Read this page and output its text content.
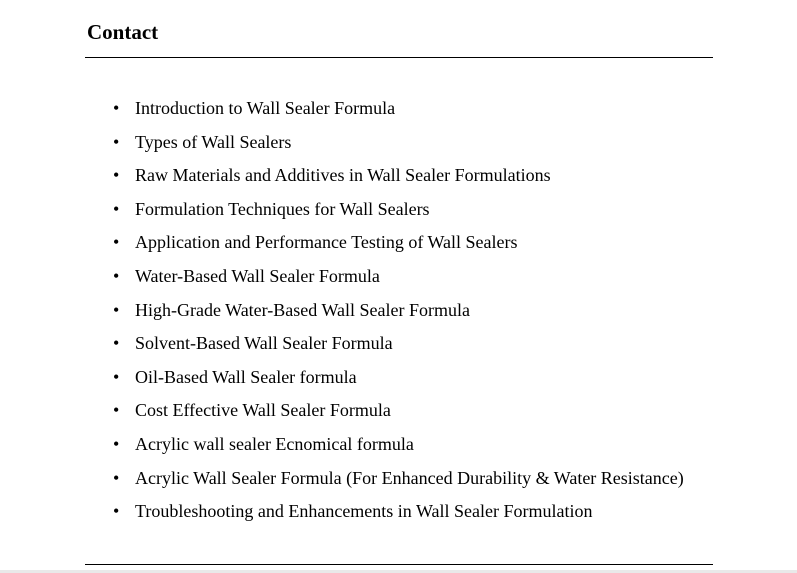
Contact
• Introduction to Wall Sealer Formula
• Types of Wall Sealers
• Raw Materials and Additives in Wall Sealer Formulations
• Formulation Techniques for Wall Sealers
• Application and Performance Testing of Wall Sealers
• Water-Based Wall Sealer Formula
• High-Grade Water-Based Wall Sealer Formula
• Solvent-Based Wall Sealer Formula
• Oil-Based Wall Sealer formula
• Cost Effective Wall Sealer Formula
• Acrylic wall sealer Ecnomical formula
• Acrylic Wall Sealer Formula (For Enhanced Durability & Water Resistance)
• Troubleshooting and Enhancements in Wall Sealer Formulation
